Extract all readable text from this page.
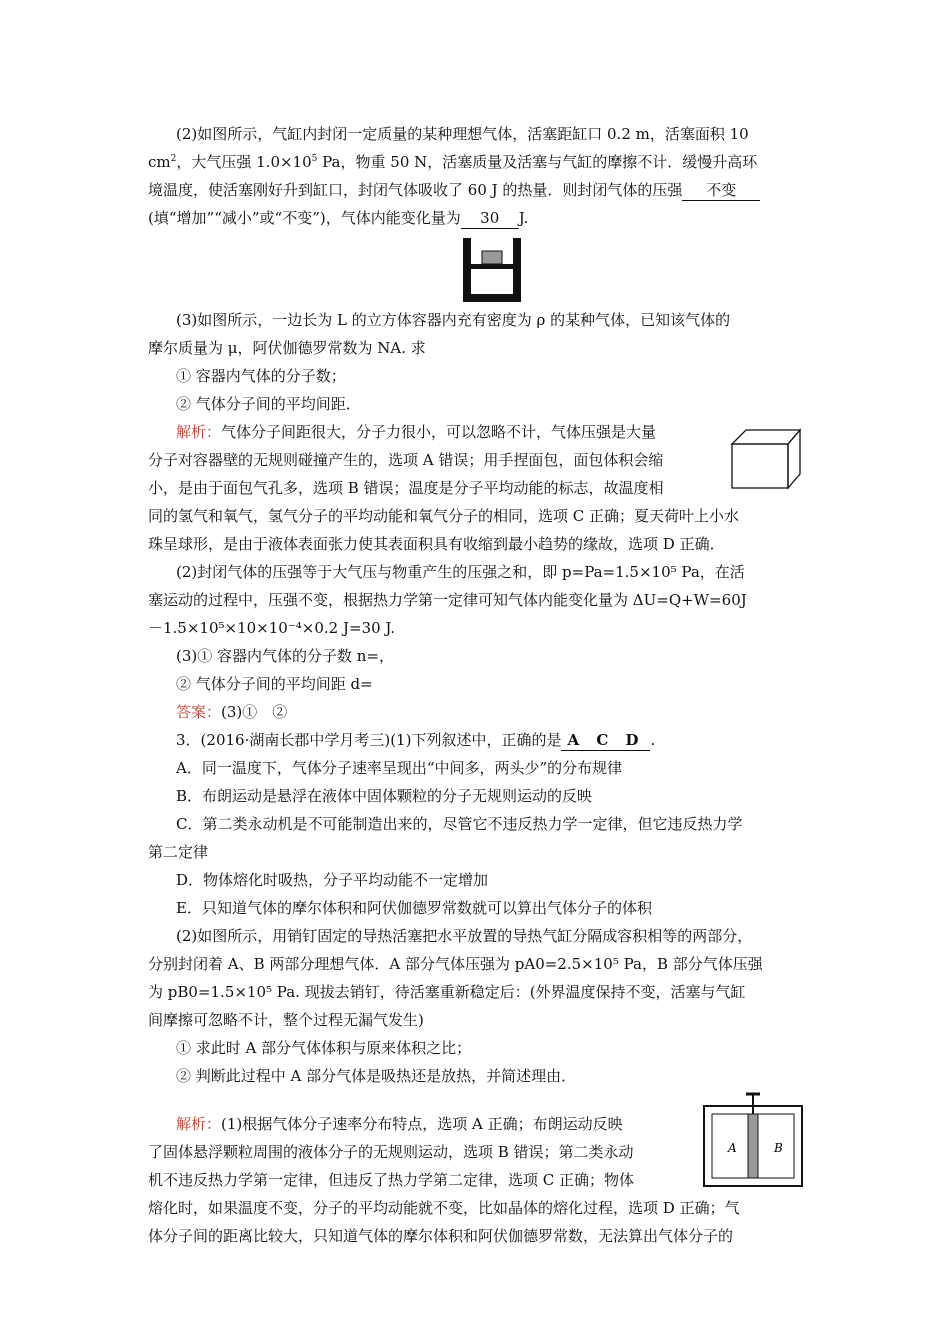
(2)如图所示，气缸内封闭一定质量的某种理想气体，活塞距缸口 0.2 m，活塞面积 10
$cm^2$，大气压强 $1.0\times 10^5$ Pa，物重 50 N，活塞质量及活塞与气缸的摩擦不计．缓慢升高环
境温度，使活塞刚好升到缸口，封闭气体吸收了 60 J 的热量．则封闭气体的压强 不变
(填“增加”“减小”或“不变”)，气体内能变化量为 30 J.
(3)如图所示，一边长为 L 的立方体容器内充有密度为 ρ 的某种气体，已知该气体的
摩尔质量为 μ，阿伏伽德罗常数为 NA. 求
① 容器内气体的分子数；
② 气体分子间的平均间距．
解析：气体分子间距很大，分子力很小，可以忽略不计，气体压强是大量
分子对容器壁的无规则碰撞产生的，选项 A 错误；用手捏面包，面包体积会缩
小，是由于面包气孔多，选项 B 错误；温度是分子平均动能的标志，故温度相
同的氢气和氧气，氢气分子的平均动能和氧气分子的相同，选项 C 正确；夏天荷叶上小水
珠呈球形，是由于液体表面张力使其表面积具有收缩到最小趋势的缘故，选项 D 正确．
(2)封闭气体的压强等于大气压与物重产生的压强之和，即 p=Pa=1.5×10⁵ Pa，在活
塞运动的过程中，压强不变，根据热力学第一定律可知气体内能变化量为 ΔU=Q+W=60J
－1.5×10⁵×10×10⁻⁴×0.2 J=30 J.
(3)① 容器内气体的分子数 n=，
② 气体分子间的平均间距 d=
答案：(3)①　②
3．(2016·湖南长郡中学月考三)(1)下列叙述中，正确的是 A C D .
A．同一温度下，气体分子速率呈现出“中间多，两头少”的分布规律
B．布朗运动是悬浮在液体中固体颗粒的分子无规则运动的反映
C．第二类永动机是不可能制造出来的，尽管它不违反热力学一定律，但它违反热力学
第二定律
D．物体熔化时吸热，分子平均动能不一定增加
E．只知道气体的摩尔体积和阿伏伽德罗常数就可以算出气体分子的体积
(2)如图所示，用销钉固定的导热活塞把水平放置的导热气缸分隔成容积相等的两部分，
分别封闭着 A、B 两部分理想气体．A 部分气体压强为 pA0=2.5×10⁵ Pa，B 部分气体压强
为 pB0=1.5×10⁵ Pa. 现拔去销钉，待活塞重新稳定后：(外界温度保持不变，活塞与气缸
间摩擦可忽略不计，整个过程无漏气发生)
① 求此时 A 部分气体体积与原来体积之比；
② 判断此过程中 A 部分气体是吸热还是放热，并简述理由．
解析：(1)根据气体分子速率分布特点，选项 A 正确；布朗运动反映
了固体悬浮颗粒周围的液体分子的无规则运动，选项 B 错误；第二类永动
机不违反热力学第一定律，但违反了热力学第二定律，选项 C 正确；物体
熔化时，如果温度不变，分子的平均动能就不变，比如晶体的熔化过程，选项 D 正确；气
体分子间的距离比较大，只知道气体的摩尔体积和阿伏伽德罗常数，无法算出气体分子的
A	B
